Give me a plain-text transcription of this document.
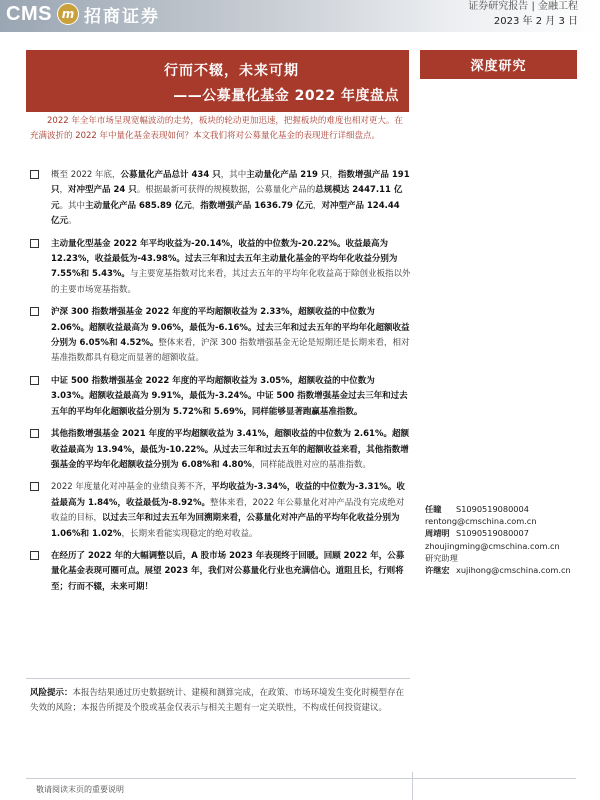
CMS m 招商证券	证券研究报告 | 金融工程
2023 年 2 月 3 日
行而不辍，未来可期
——公募量化基金 2022 年度盘点
深度研究
2022 年全年市场呈现宽幅波动的走势，板块的轮动更加迅速，把握板块的难度也相对更大。在充满波折的 2022 年中量化基金表现如何？本文我们将对公募量化基金的表现进行详细盘点。
概至 2022 年底，公募量化产品总计 434 只，其中主动量化产品 219 只，指数增强产品 191 只，对冲型产品 24 只。根据最新可获得的规模数据，公募量化产品的总规模达 2447.11 亿元。其中主动量化产品 685.89 亿元，指数增强产品 1636.79 亿元，对冲型产品 124.44 亿元。
主动量化型基金 2022 年平均收益为-20.14%，收益的中位数为-20.22%。收益最高为 12.23%，收益最低为-43.98%。过去三年和过去五年主动量化基金的平均年化收益分别为 7.55%和 5.43%。与主要宽基指数对比来看，其过去五年的平均年化收益高于除创业板指以外的主要市场宽基指数。
沪深 300 指数增强基金 2022 年度的平均超额收益为 2.33%，超额收益的中位数为 2.06%。超额收益最高为 9.06%，最低为-6.16%。过去三年和过去五年的平均年化超额收益分别为 6.05%和 4.52%。整体来看，沪深 300 指数增强基金无论是短期还是长期来看，相对基准指数都具有稳定而显著的超额收益。
中证 500 指数增强基金 2022 年度的平均超额收益为 3.05%，超额收益的中位数为 3.03%。超额收益最高为 9.91%，最低为-3.24%。中证 500 指数增强基金过去三年和过去五年的平均年化超额收益分别为 5.72%和 5.69%，同样能够显著跑赢基准指数。
其他指数增强基金 2021 年度的平均超额收益为 3.41%，超额收益的中位数为 2.61%。超额收益最高为 13.94%，最低为-10.22%。从过去三年和过去五年的超额收益来看，其他指数增强基金的平均年化超额收益分别为 6.08%和 4.80%，同样能战胜对应的基准指数。
2022 年度量化对冲基金的业绩良莠不齐，平均收益为-3.34%，收益的中位数为-3.31%。收益最高为 1.84%，收益最低为-8.92%。整体来看，2022 年公募量化对冲产品没有完成绝对收益的目标，以过去三年和过去五年为回溯期来看，公募量化对冲产品的平均年化收益分别为 1.06%和 1.02%，长期来看能实现稳定的绝对收益。
在经历了 2022 年的大幅调整以后，A 股市场 2023 年表现终于回暖。回顾 2022 年，公募量化基金表现可圈可点。展望 2023 年，我们对公募量化行业也充满信心。道阻且长，行则将至；行而不辍，未来可期！
任瞳 S1090519080004
rentong@cmschina.com.cn
周靖明 S1090519080007
zhoujingming@cmschina.com.cn
研究助理
许继宏 xujihong@cmschina.com.cn
风险提示：本报告结果通过历史数据统计、建模和测算完成，在政策、市场环境发生变化时模型存在失效的风险；本报告所提及个股或基金仅表示与相关主题有一定关联性，不构成任何投资建议。
敬请阅读末页的重要说明
